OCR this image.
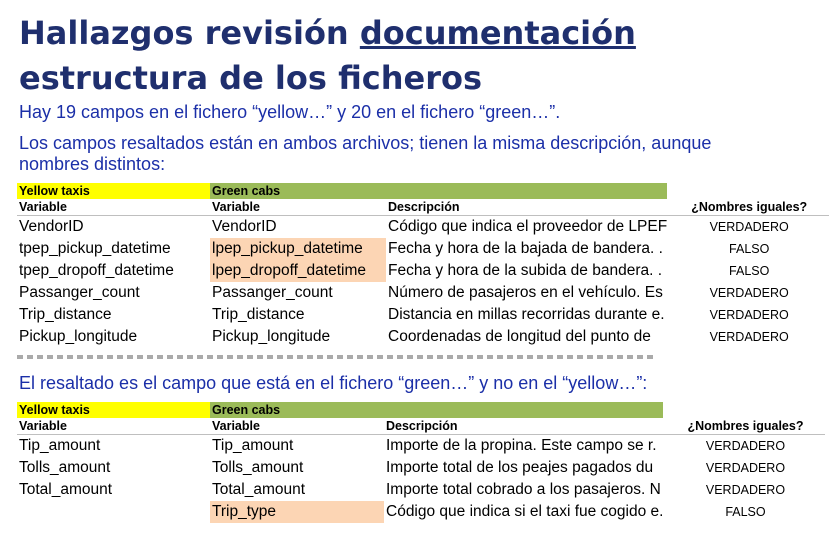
Hallazgos revisión documentación
estructura de los ficheros
Hay 19 campos en el fichero “yellow…” y 20 en el fichero “green…”.
Los campos resaltados están en ambos archivos; tienen la misma descripción, aunque nombres distintos:
Yellow taxis	Green cabs		
Variable	Variable	Descripción	¿Nombres iguales?
VendorID	VendorID	Código que indica el proveedor de LPEF	VERDADERO
tpep_pickup_datetime	lpep_pickup_datetime	Fecha y hora de la bajada de bandera. .	FALSO
tpep_dropoff_datetime	lpep_dropoff_datetime	Fecha y hora de la subida de bandera. .	FALSO
Passanger_count	Passanger_count	Número de pasajeros en el vehículo. Es	VERDADERO
Trip_distance	Trip_distance	Distancia en millas recorridas durante e.	VERDADERO
Pickup_longitude	Pickup_longitude	Coordenadas de longitud del punto de	VERDADERO
El resaltado es el campo que está en el fichero “green…” y no en el “yellow…”:
Yellow taxis	Green cabs		
Variable	Variable	Descripción	¿Nombres iguales?
Tip_amount	Tip_amount	Importe de la propina. Este campo se r.	VERDADERO
Tolls_amount	Tolls_amount	Importe total de los peajes pagados du	VERDADERO
Total_amount	Total_amount	Importe total cobrado a los pasajeros. N	VERDADERO
	Trip_type	Código que indica si el taxi fue cogido e.	FALSO
